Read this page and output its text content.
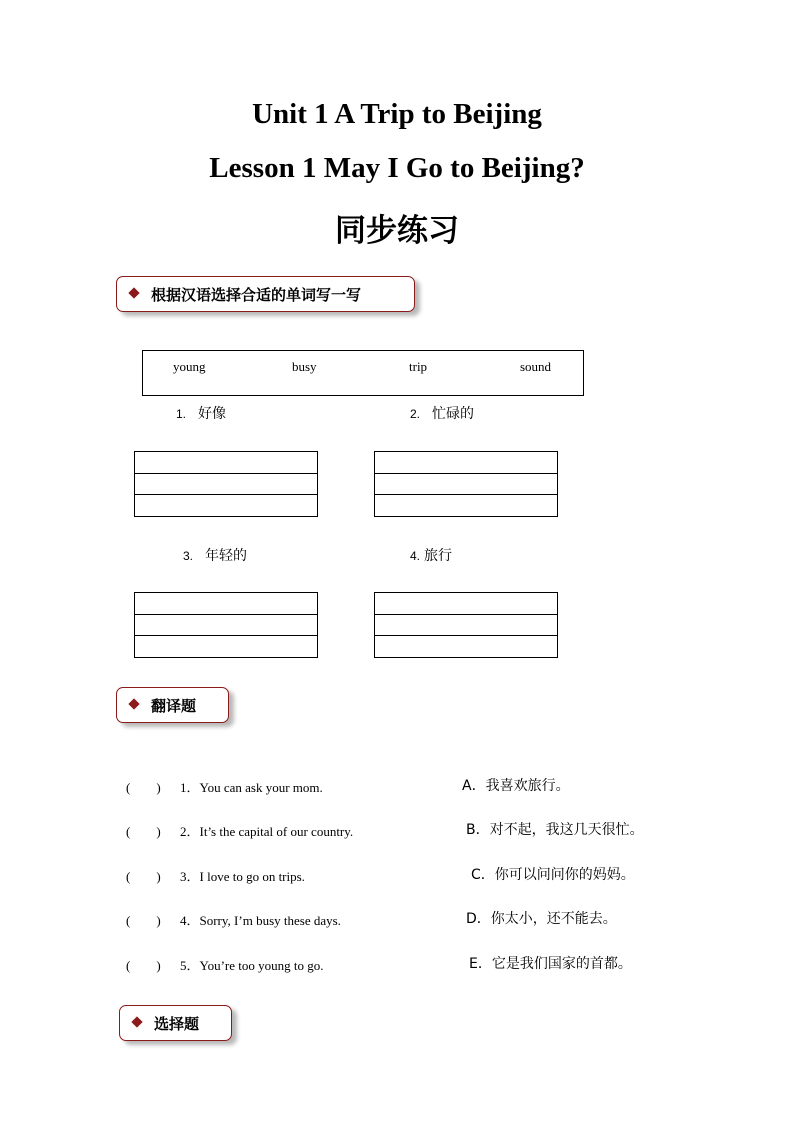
Unit 1 A Trip to Beijing
Lesson 1 May I Go to Beijing?
同步练习
根据汉语选择合适的单词写一写
young	busy	trip	sound
1. 好像	2. 忙碌的
3. 年轻的	4. 旅行
翻译题
(　　) 1．You can ask your mom.	A．我喜欢旅行。
(　　) 2．It’s the capital of our country.	B．对不起，我这几天很忙。
(　　) 3．I love to go on trips.	C．你可以问问你的妈妈。
(　　) 4．Sorry, I’m busy these days.	D．你太小，还不能去。
(　　) 5．You’re too young to go.	E．它是我们国家的首都。
选择题
